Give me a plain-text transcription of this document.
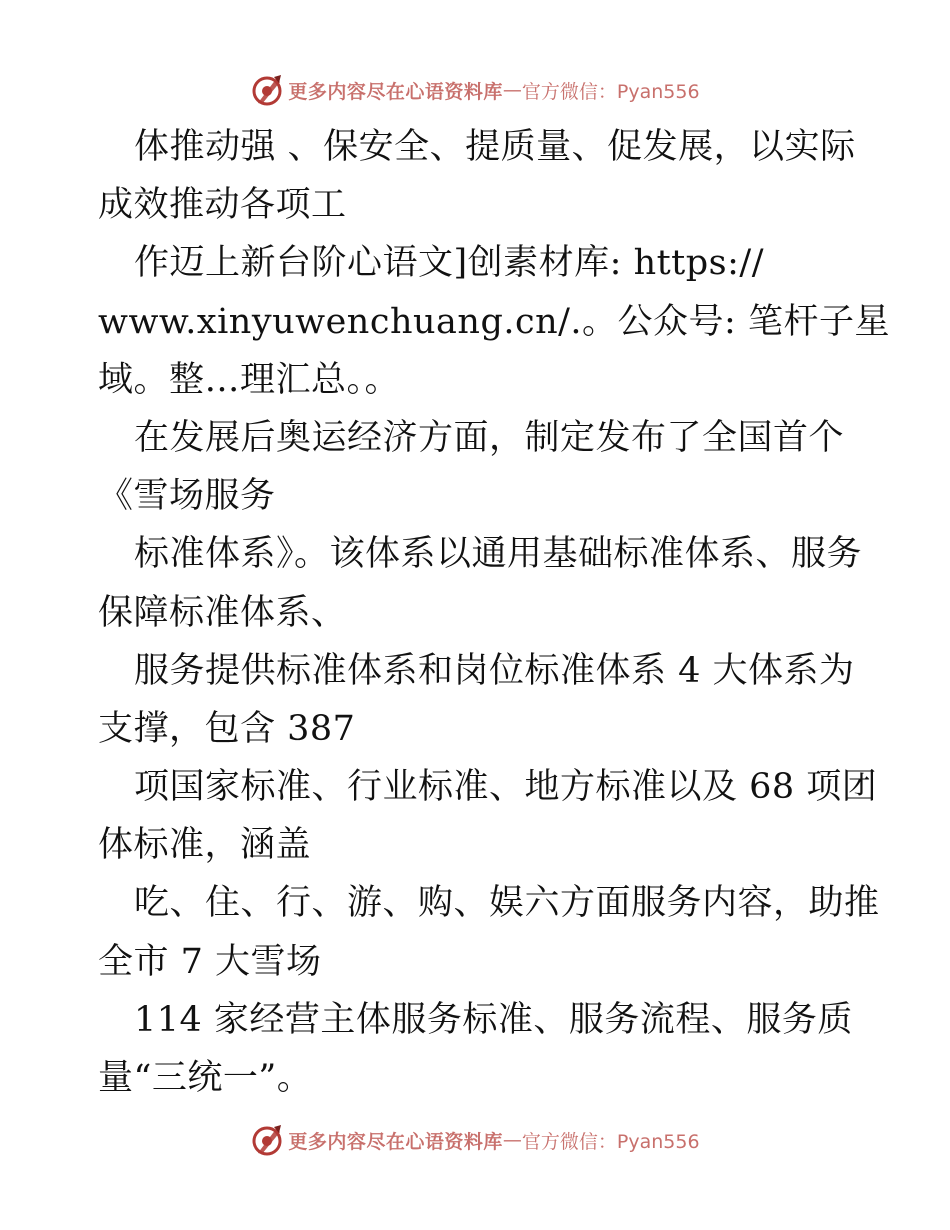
更多内容尽在心语资料库 — 官方微信：Pyan556
体推动强 、保安全、提质量、促发展，以实际
成效推动各项工
作迈上新台阶心语文]创素材库: https://
www.xinyuwenchuang.cn/.。公众号: 笔杆子星
域。整…理汇总。。
在发展后奥运经济方面，制定发布了全国首个
《雪场服务
标准体系》。该体系以通用基础标准体系、服务
保障标准体系、
服务提供标准体系和岗位标准体系 4 大体系为
支撑，包含 387
项国家标准、行业标准、地方标准以及 68 项团
体标准，涵盖
吃、住、行、游、购、娱六方面服务内容，助推
全市 7 大雪场
114 家经营主体服务标准、服务流程、服务质
量“三统一”。
更多内容尽在心语资料库 — 官方微信：Pyan556
